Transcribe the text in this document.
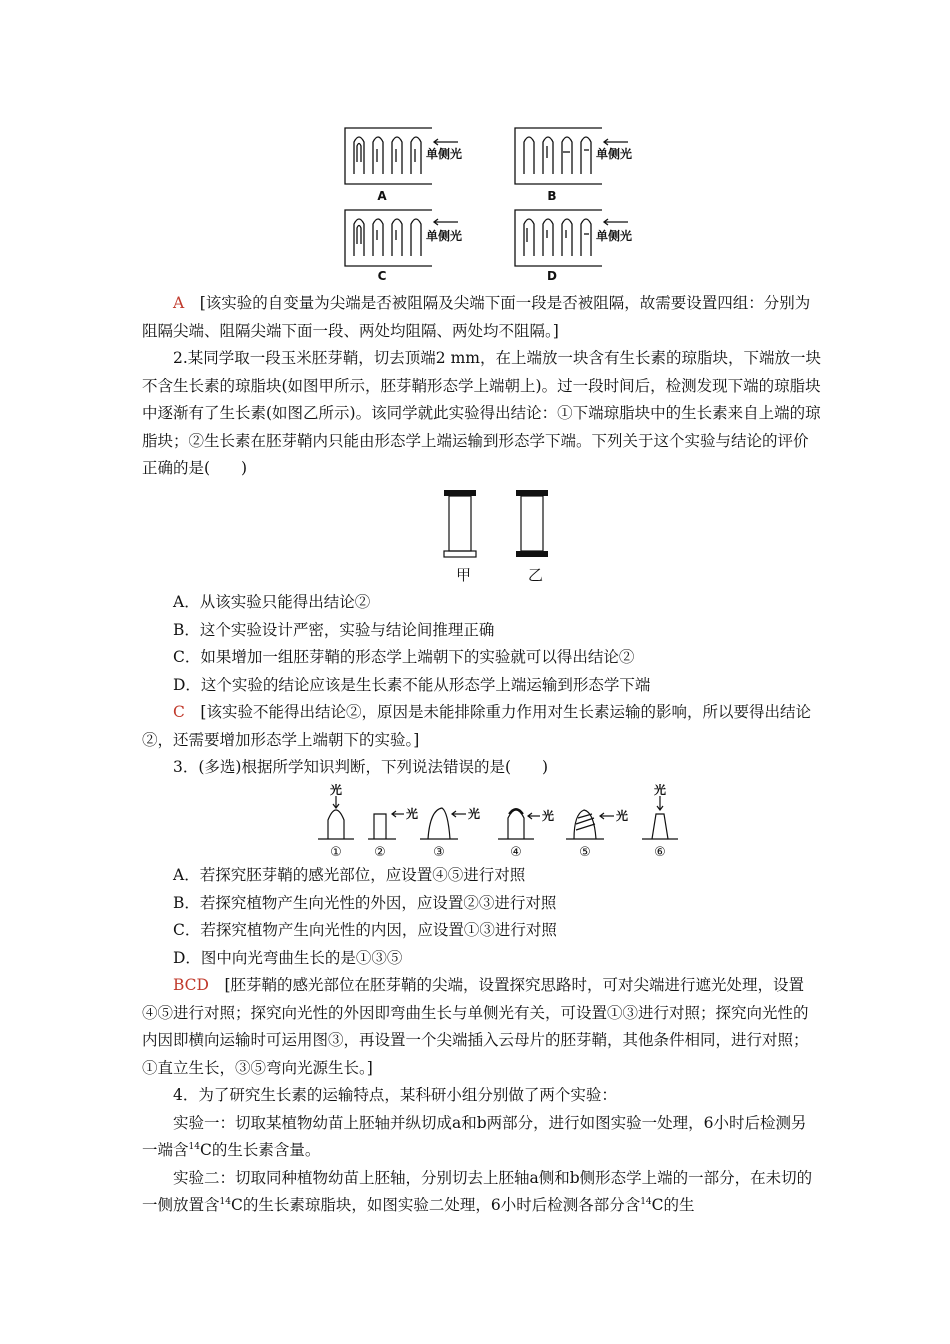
单侧光	单侧光
单侧光	单侧光
A	B
C	D

A　 [该实验的自变量为尖端是否被阻隔及尖端下面一段是否被阻隔，故需要设置四组：分别为阻隔尖端、阻隔尖端下面一段、两处均阻隔、两处均不阻隔。]

2.某同学取一段玉米胚芽鞘，切去顶端2 mm，在上端放一块含有生长素的琼脂块，下端放一块不含生长素的琼脂块(如图甲所示，胚芽鞘形态学上端朝上)。过一段时间后，检测发现下端的琼脂块中逐渐有了生长素(如图乙所示)。该同学就此实验得出结论：①下端琼脂块中的生长素来自上端的琼脂块；②生长素在胚芽鞘内只能由形态学上端运输到形态学下端。下列关于这个实验与结论的评价正确的是(　　)

甲	乙

A．从该实验只能得出结论②

B．这个实验设计严密，实验与结论间推理正确

C．如果增加一组胚芽鞘的形态学上端朝下的实验就可以得出结论②

D．这个实验的结论应该是生长素不能从形态学上端运输到形态学下端

C　 [该实验不能得出结论②，原因是未能排除重力作用对生长素运输的影响，所以要得出结论②，还需要增加形态学上端朝下的实验。]

3．(多选)根据所学知识判断，下列说法错误的是(　　)

光
光	光	光	光
光
① ②	③	④	⑤	⑥

A．若探究胚芽鞘的感光部位，应设置④⑤进行对照

B．若探究植物产生向光性的外因，应设置②③进行对照

C．若探究植物产生向光性的内因，应设置①③进行对照

D．图中向光弯曲生长的是①③⑤

BCD　 [胚芽鞘的感光部位在胚芽鞘的尖端，设置探究思路时，可对尖端进行遮光处理，设置④⑤进行对照；探究向光性的外因即弯曲生长与单侧光有关，可设置①③进行对照；探究向光性的内因即横向运输时可运用图③，再设置一个尖端插入云母片的胚芽鞘，其他条件相同，进行对照；①直立生长，③⑤弯向光源生长。]

4．为了研究生长素的运输特点，某科研小组分别做了两个实验：

实验一：切取某植物幼苗上胚轴并纵切成a和b两部分，进行如图实验一处理，6小时后检测另一端含$^{14}$C的生长素含量。

实验二：切取同种植物幼苗上胚轴，分别切去上胚轴a侧和b侧形态学上端的一部分，在未切的一侧放置含$^{14}$C的生长素琼脂块，如图实验二处理，6小时后检测各部分含$^{14}$C的生
